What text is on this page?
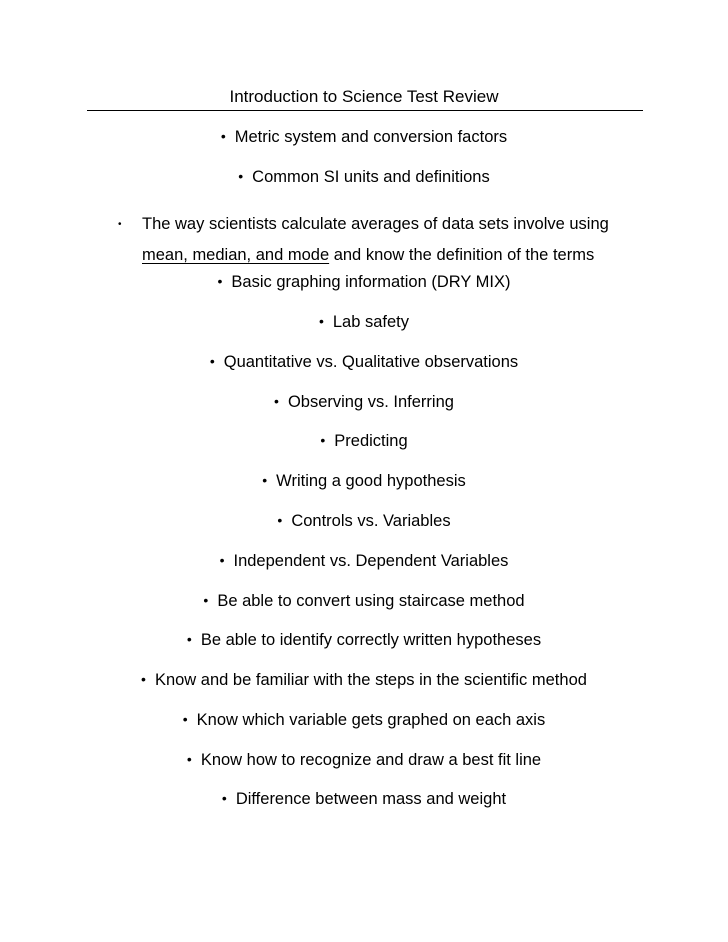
Introduction to Science Test Review
• Metric system and conversion factors
• Common SI units and definitions
• The way scientists calculate averages of data sets involve using
mean, median, and mode and know the definition of the terms
• Basic graphing information (DRY MIX)
• Lab safety
• Quantitative vs. Qualitative observations
• Observing vs. Inferring
• Predicting
• Writing a good hypothesis
• Controls vs. Variables
• Independent vs. Dependent Variables
• Be able to convert using staircase method
• Be able to identify correctly written hypotheses
• Know and be familiar with the steps in the scientific method
• Know which variable gets graphed on each axis
• Know how to recognize and draw a best fit line
• Difference between mass and weight
